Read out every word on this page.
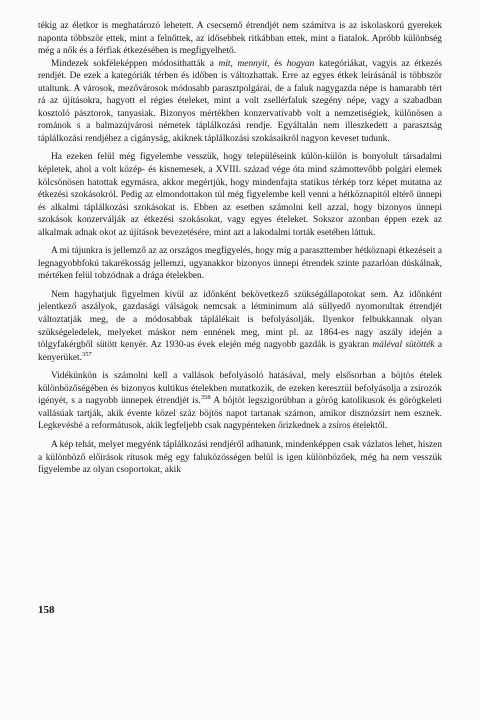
tékig az életkor is meghatározó lehetett. A csecsemő étrendjét nem számítva is az iskolaskorú gyerekek naponta többször ettek, mint a felnőttek, az idősebbek ritkábban ettek, mint a fiatalok. Apróbb különbség még a nők és a férfiak étkezésében is megfigyelhető.

Mindezek sokféleképpen módosíthatták a mit, mennyit, és hogyan kategóriákat, vagyis az étkezés rendjét. De ezek a kategóriák térben és időben is változhattak. Erre az egyes étkek leírásánál is többször utaltunk. A városok, mezővárosok módosabb parasztpolgárai, de a faluk nagygazda népe is hamarabb tért rá az újításokra, hagyott el régies ételeket, mint a volt zsellérfaluk szegény népe, vagy a szabadban kosztoló pásztorok, tanyasiak. Bizonyos mértékben konzervatívabb volt a nemzetiségiek, különösen a románok s a balmazújvárosi németek táplálkozási rendje. Egyáltalán nem illeszkedett a parasztság táplálkozási rendjéhez a cigányság, akiknek táplálkozási szokásaikról nagyon keveset tudunk.

Ha ezeken felül még figyelembe vesszük, hogy településeink külön-külön is bonyolult társadalmi képletek, ahol a volt közép- és kisnemesek, a XVIII. század vége óta mind számottevőbb polgári elemek kölcsönösen hatottak egymásra, akkor megértjük, hogy mindenfajta statikus térkép torz képet mutatna az étkezési szokásokról. Pedig az elmondottakon túl még figyelembe kell venni a hétköznapitól eltérő ünnepi és alkalmi táplálkozási szokásokat is. Ebben az esetben számolni kell azzal, hogy bizonyos ünnepi szokások konzerválják az étkezési szokásokat, vagy egyes ételeket. Sokszor azonban éppen ezek az alkalmak adnak okot az újítások bevezetésére, mint azt a lakodalmi torták esetében láttuk.

A mi tájunkra is jellemző az az országos megfigyelés, hogy míg a paraszttember hétköznapi étkezéseit a legnagyobbfokú takarékosság jellemzi, ugyanakkor bizonyos ünnepi étrendek szinte pazarlóan dúskálnak, mértéken felül tobzódnak a drága ételekben.

Nem hagyhatjuk figyelmen kívül az időnként bekövetkező szükségállapotokat sem. Az időnként jelentkező aszályok, gazdasági válságok nemcsak a létminimum alá süllyedő nyomorultak étrendjét változtatják meg, de a módosabbak táplálékait is befolyásolják. Ilyenkor felbukkannak olyan szükségeledelek, melyeket máskor nem ennének meg, mint pl. az 1864-es nagy aszály idején a tölgyfakérgből sütött kenyér. Az 1930-as évek elején még nagyobb gazdák is gyakran máléval sütötték a kenyerüket.$^{357}$

Vidékünkön is számolni kell a vallások befolyásoló hatásával, mely elsősorban a böjtös ételek különbözőségében és bizonyos kultikus ételekben mutatkozik, de ezeken keresztül befolyásolja a zsírozók igényét, s a nagyobb ünnepek étrendjét is.$^{358}$ A böjtöt legszigorúbban a görög katolikusok és görögkeleti vallásúak tartják, akik évente közel száz böjtös napot tartanak számon, amikor disznózsírt nem esznek. Legkevésbé a reformátusok, akik legfeljebb csak nagypénteken őrizkednek a zsíros ételektől.

A kép tehát, melyet megyénk táplálkozási rendjéről adhatunk, mindenképpen csak vázlatos lehet, hiszen a különböző előírások rítusok még egy faluközösségen belül is igen különbözőek, még ha nem vesszük figyelembe az olyan csoportokat, akik

158
